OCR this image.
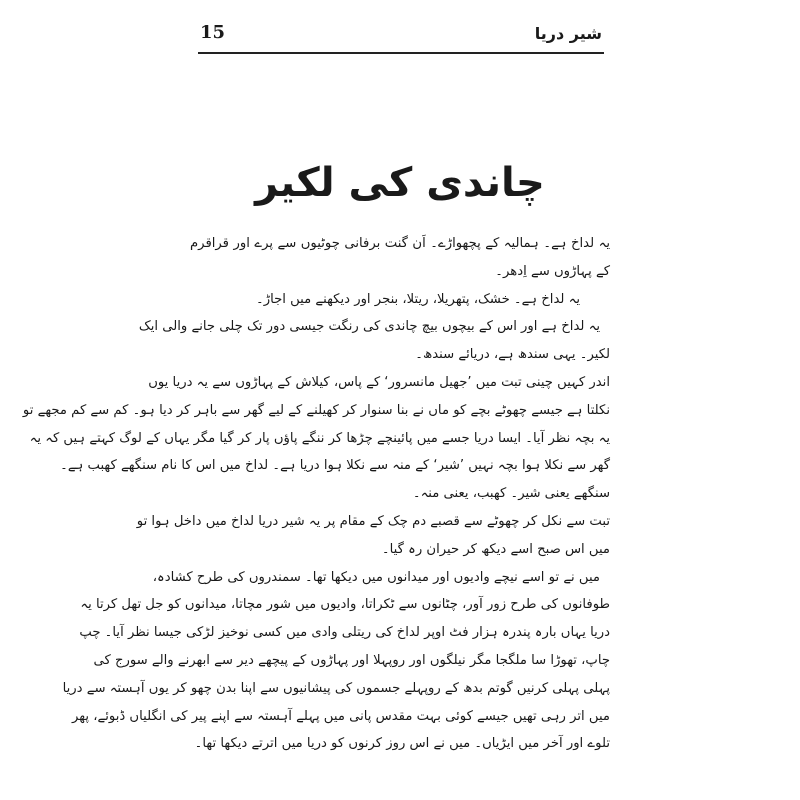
15	شیر دریا
چاندی کی لکیر
یہ لداخ ہے۔ ہمالیہ کے پچھواڑے۔ اَن گنت برفانی چوٹیوں سے پرے اور قراقرم
کے پہاڑوں سے اِدھر۔
یہ لداخ ہے۔ خشک، پتھریلا، ریتلا، بنجر اور دیکھنے میں اجاڑ۔
یہ لداخ ہے اور اس کے بیچوں بیچ چاندی کی رنگت جیسی دور تک چلی جانے والی ایک
لکیر۔ یہی سندھ ہے، دریائے سندھ۔
اندر کہیں چینی تبت میں ’جھیل مانسرور‘ کے پاس، کیلاش کے پہاڑوں سے یہ دریا یوں
نکلتا ہے جیسے چھوٹے بچے کو ماں نے بنا سنوار کر کھیلنے کے لیے گھر سے باہر کر دیا ہو۔ کم سے کم مجھے تو
یہ بچہ نظر آیا۔ ایسا دریا جسے میں پائینچے چڑھا کر ننگے پاؤں پار کر گیا مگر یہاں کے لوگ کہتے ہیں کہ یہ
گھر سے نکلا ہوا بچہ نہیں ’شیر‘ کے منہ سے نکلا ہوا دریا ہے۔ لداخ میں اس کا نام سنگھے کھبب ہے۔
سنگھے یعنی شیر۔ کھبب، یعنی منہ۔
تبت سے نکل کر چھوٹے سے قصبے دم چک کے مقام پر یہ شیر دریا لداخ میں داخل ہوا تو
میں اس صبح اسے دیکھ کر حیران رہ گیا۔
میں نے تو اسے نیچے وادیوں اور میدانوں میں دیکھا تھا۔ سمندروں کی طرح کشادہ،
طوفانوں کی طرح زور آور، چٹانوں سے ٹکراتا، وادیوں میں شور مچاتا، میدانوں کو جل تھل کرتا یہ
دریا یہاں بارہ پندرہ ہزار فٹ اوپر لداخ کی ریتلی وادی میں کسی نوخیز لڑکی جیسا نظر آیا۔ چپ
چاپ، تھوڑا سا ملگجا مگر نیلگوں اور روپہلا اور پہاڑوں کے پیچھے دیر سے ابھرنے والے سورج کی
پہلی پہلی کرنیں گوتم بدھ کے روپہلے جسموں کی پیشانیوں سے اپنا بدن چھو کر یوں آہستہ سے دریا
میں اتر رہی تھیں جیسے کوئی بہت مقدس پانی میں پہلے آہستہ سے اپنے پیر کی انگلیاں ڈبوئے، پھر
تلوے اور آخر میں ایڑیاں۔ میں نے اس روز کرنوں کو دریا میں اترتے دیکھا تھا۔
